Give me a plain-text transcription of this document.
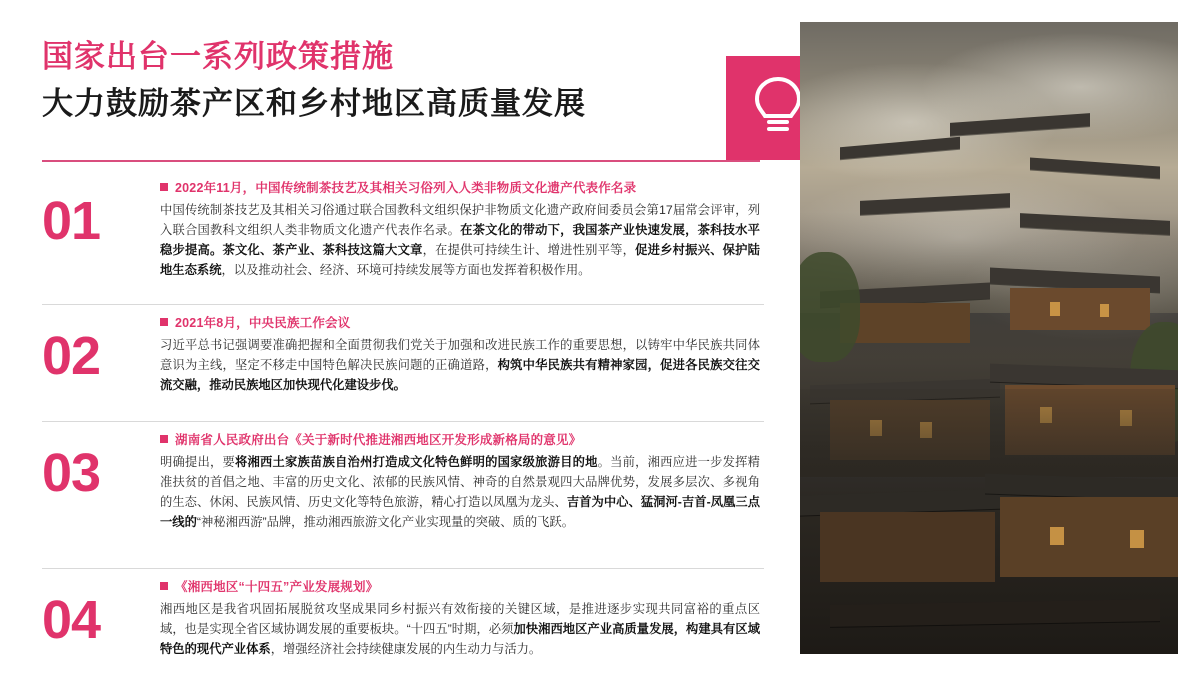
国家出台一系列政策措施
大力鼓励茶产区和乡村地区高质量发展
01
2022年11月，中国传统制茶技艺及其相关习俗列入人类非物质文化遗产代表作名录
中国传统制茶技艺及其相关习俗通过联合国教科文组织保护非物质文化遗产政府间委员会第17届常会评审，列入联合国教科文组织人类非物质文化遗产代表作名录。在茶文化的带动下，我国茶产业快速发展，茶科技水平稳步提高。茶文化、茶产业、茶科技这篇大文章，在提供可持续生计、增进性别平等，促进乡村振兴、保护陆地生态系统，以及推动社会、经济、环境可持续发展等方面也发挥着积极作用。
02
2021年8月，中央民族工作会议
习近平总书记强调要准确把握和全面贯彻我们党关于加强和改进民族工作的重要思想，以铸牢中华民族共同体意识为主线，坚定不移走中国特色解决民族问题的正确道路，构筑中华民族共有精神家园，促进各民族交往交流交融，推动民族地区加快现代化建设步伐。
03
湖南省人民政府出台《关于新时代推进湘西地区开发形成新格局的意见》
明确提出，要将湘西土家族苗族自治州打造成文化特色鲜明的国家级旅游目的地。当前，湘西应进一步发挥精准扶贫的首倡之地、丰富的历史文化、浓郁的民族风情、神奇的自然景观四大品牌优势，发展多层次、多视角的生态、休闲、民族风情、历史文化等特色旅游，精心打造以凤凰为龙头、吉首为中心、猛洞河-吉首-凤凰三点一线的“神秘湘西游”品牌，推动湘西旅游文化产业实现量的突破、质的飞跃。
04
《湘西地区“十四五”产业发展规划》
湘西地区是我省巩固拓展脱贫攻坚成果同乡村振兴有效衔接的关键区域，是推进逐步实现共同富裕的重点区域，也是实现全省区域协调发展的重要板块。“十四五”时期，必须加快湘西地区产业高质量发展，构建具有区域特色的现代产业体系，增强经济社会持续健康发展的内生动力与活力。
